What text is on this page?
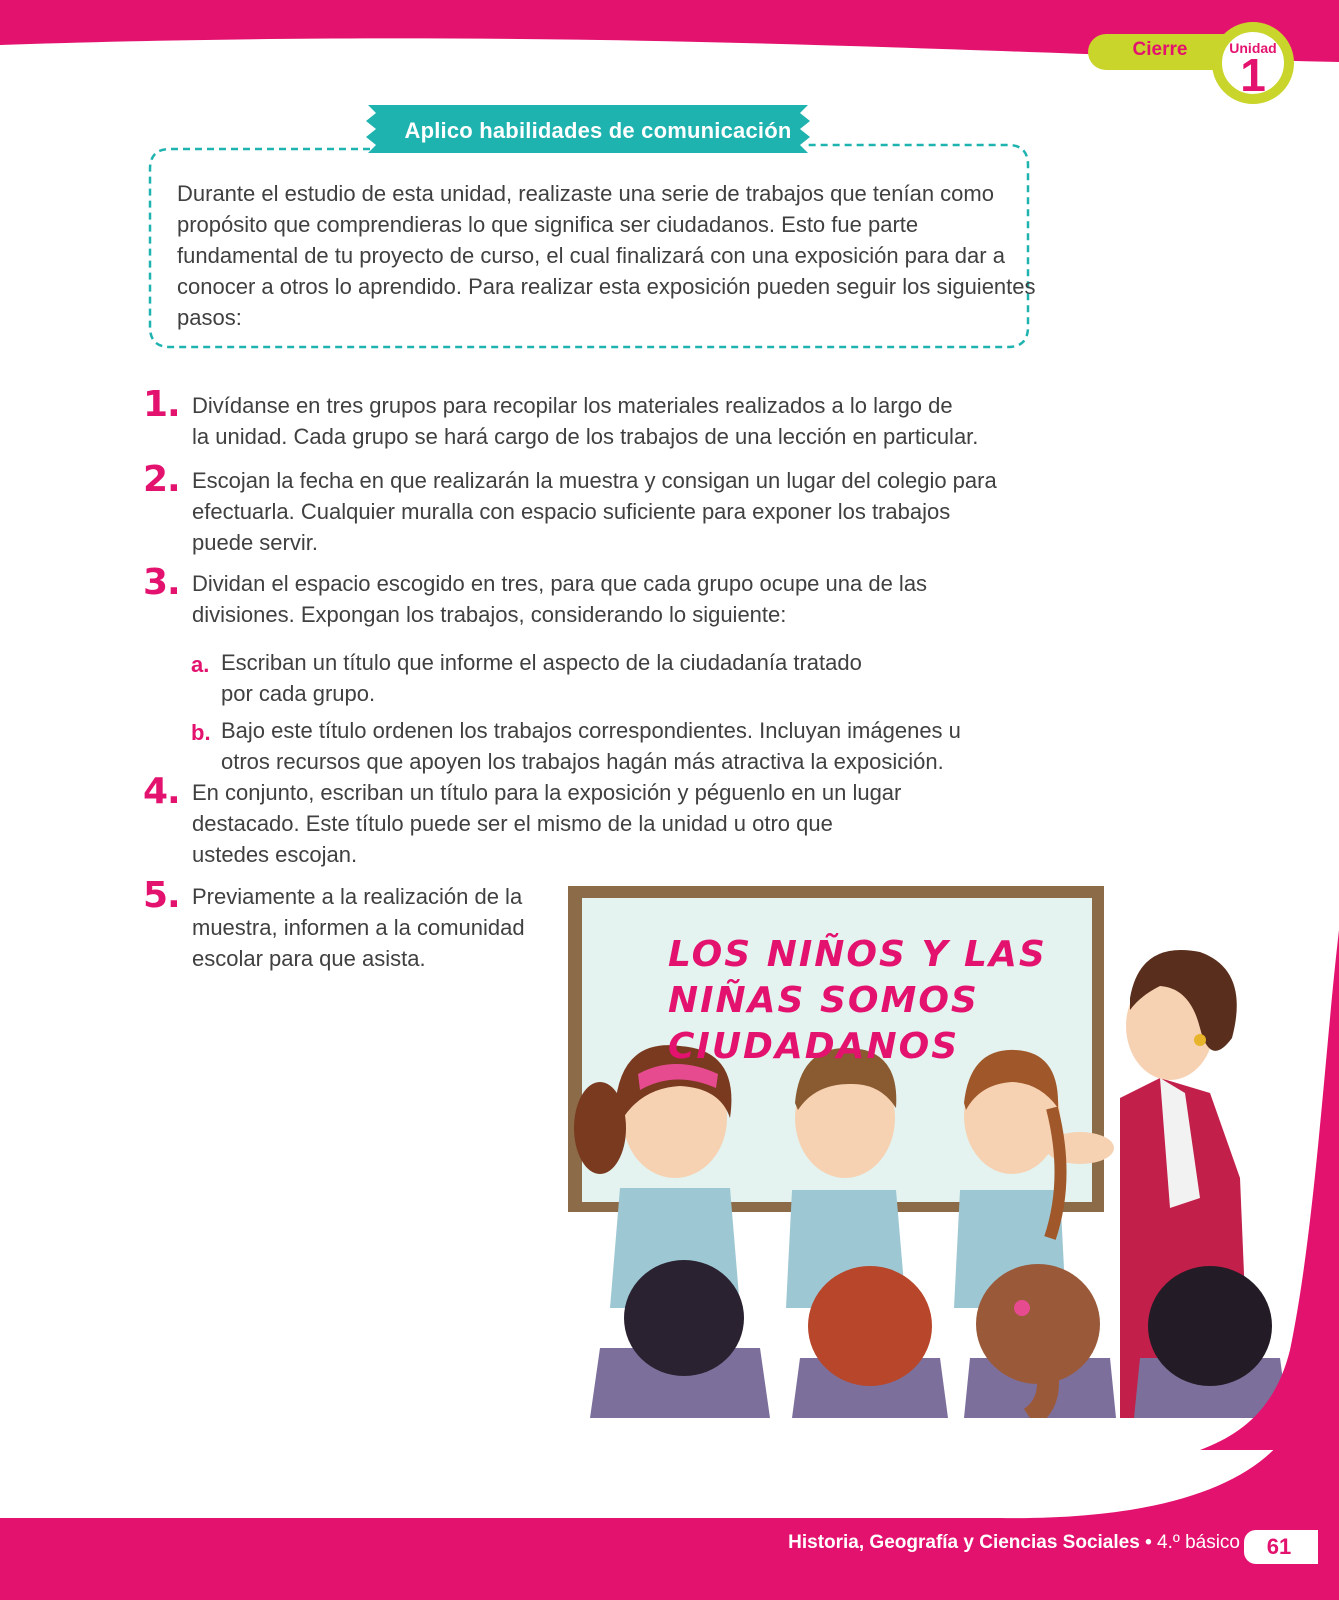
Cierre	Unidad
1
Aplico habilidades de comunicación
Durante el estudio de esta unidad, realizaste una serie de trabajos que tenían como propósito que comprendieras lo que significa ser ciudadanos. Esto fue parte fundamental de tu proyecto de curso, el cual finalizará con una exposición para dar a conocer a otros lo aprendido. Para realizar esta exposición pueden seguir los siguientes pasos:
1. Divídanse en tres grupos para recopilar los materiales realizados a lo largo de
la unidad. Cada grupo se hará cargo de los trabajos de una lección en particular.
2. Escojan la fecha en que realizarán la muestra y consigan un lugar del colegio para
efectuarla. Cualquier muralla con espacio suficiente para exponer los trabajos
puede servir.
3. Dividan el espacio escogido en tres, para que cada grupo ocupe una de las
divisiones. Expongan los trabajos, considerando lo siguiente:
a. Escriban un título que informe el aspecto de la ciudadanía tratado
por cada grupo.
b. Bajo este título ordenen los trabajos correspondientes. Incluyan imágenes u
otros recursos que apoyen los trabajos hagán más atractiva la exposición.
4. En conjunto, escriban un título para la exposición y péguenlo en un lugar
destacado. Este título puede ser el mismo de la unidad u otro que
ustedes escojan.
5. Previamente a la realización de la
muestra, informen a la comunidad
escolar para que asista.	LOS NIÑOS Y LAS
NIÑAS SOMOS
CIUDADANOS
Historia, Geografía y Ciencias Sociales • 4.º básico	61
